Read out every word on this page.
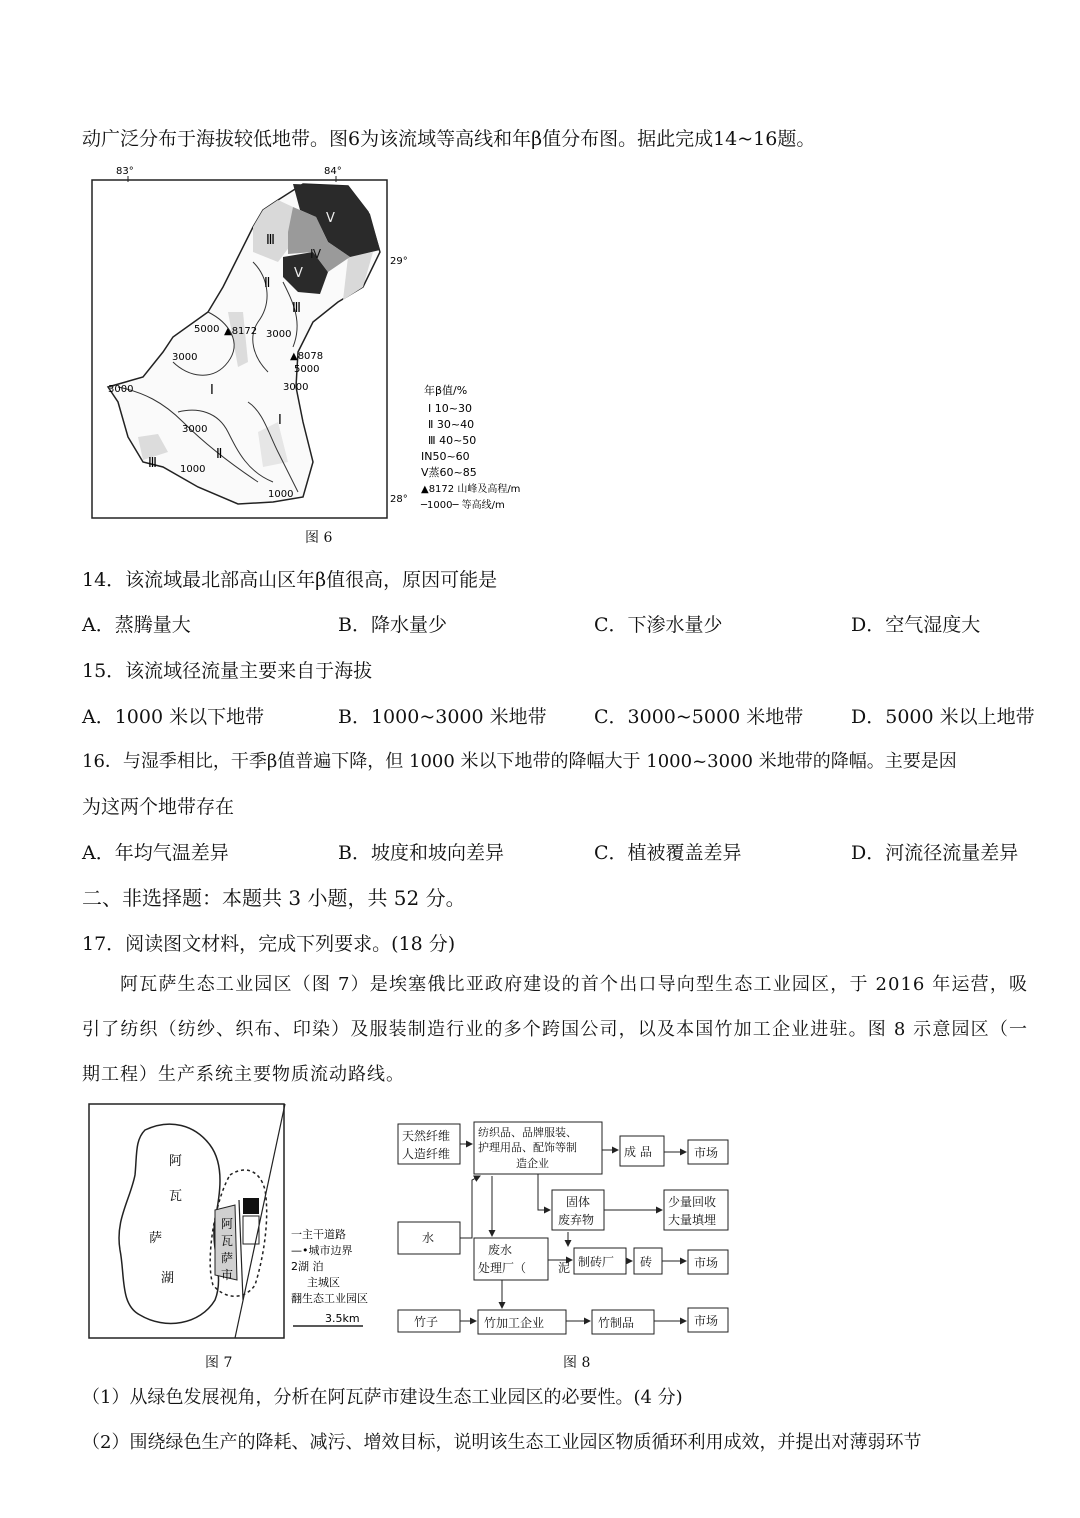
动广泛分布于海拔较低地带。图6为该流域等高线和年β值分布图。据此完成14~16题。
83°	84°
29°
28°
5000
3000
3000
3000
3000
5000
3000
1000
1000
▲8172
▲8078
Ⅰ
Ⅰ
Ⅱ
Ⅱ
Ⅲ
Ⅲ
Ⅲ
Ⅳ
Ⅴ
Ⅴ
年β值/%
Ⅰ 10~30
Ⅱ 30~40
Ⅲ 40~50
IN50~60
Ⅴ蒸60~85
▲8172 山峰及高程/m
─1000─ 等高线/m
图 6
14．该流域最北部高山区年β值很高，原因可能是
A．蒸腾量大	B．降水量少	C．下渗水量少	D．空气湿度大
15．该流域径流量主要来自于海拔
A．1000 米以下地带	B．1000~3000 米地带 C．3000~5000 米地带	D．5000 米以上地带
16．与湿季相比，干季β值普遍下降，但 1000 米以下地带的降幅大于 1000~3000 米地带的降幅。主要是因
为这两个地带存在
A．年均气温差异	B．坡度和坡向差异	C．植被覆盖差异	D．河流径流量差异
二、非选择题：本题共 3 小题，共 52 分。
17．阅读图文材料，完成下列要求。(18 分)
阿瓦萨生态工业园区（图 7）是埃塞俄比亚政府建设的首个出口导向型生态工业园区，于 2016 年运营，吸引了纺织（纺纱、织布、印染）及服装制造行业的多个跨国公司，以及本国竹加工企业进驻。图 8 示意园区（一期工程）生产系统主要物质流动路线。
阿
瓦
萨
湖
阿
瓦
萨
市
一主干道路
—•城市边界
2湖 泊
主城区
翻生态工业园区
3.5km
图 7
天然纤维
人造纤维
水
竹子
纺织品、品牌服装、
护理用品、配饰等制
造企业
成 品	市场
固体
废弃物
少量回收
大量填埋
废水
处理厂（	泥 制砖厂 砖	市场
竹加工企业	竹制品	市场
图 8
（1）从绿色发展视角，分析在阿瓦萨市建设生态工业园区的必要性。(4 分)
（2）围绕绿色生产的降耗、减污、增效目标，说明该生态工业园区物质循环利用成效，并提出对薄弱环节
